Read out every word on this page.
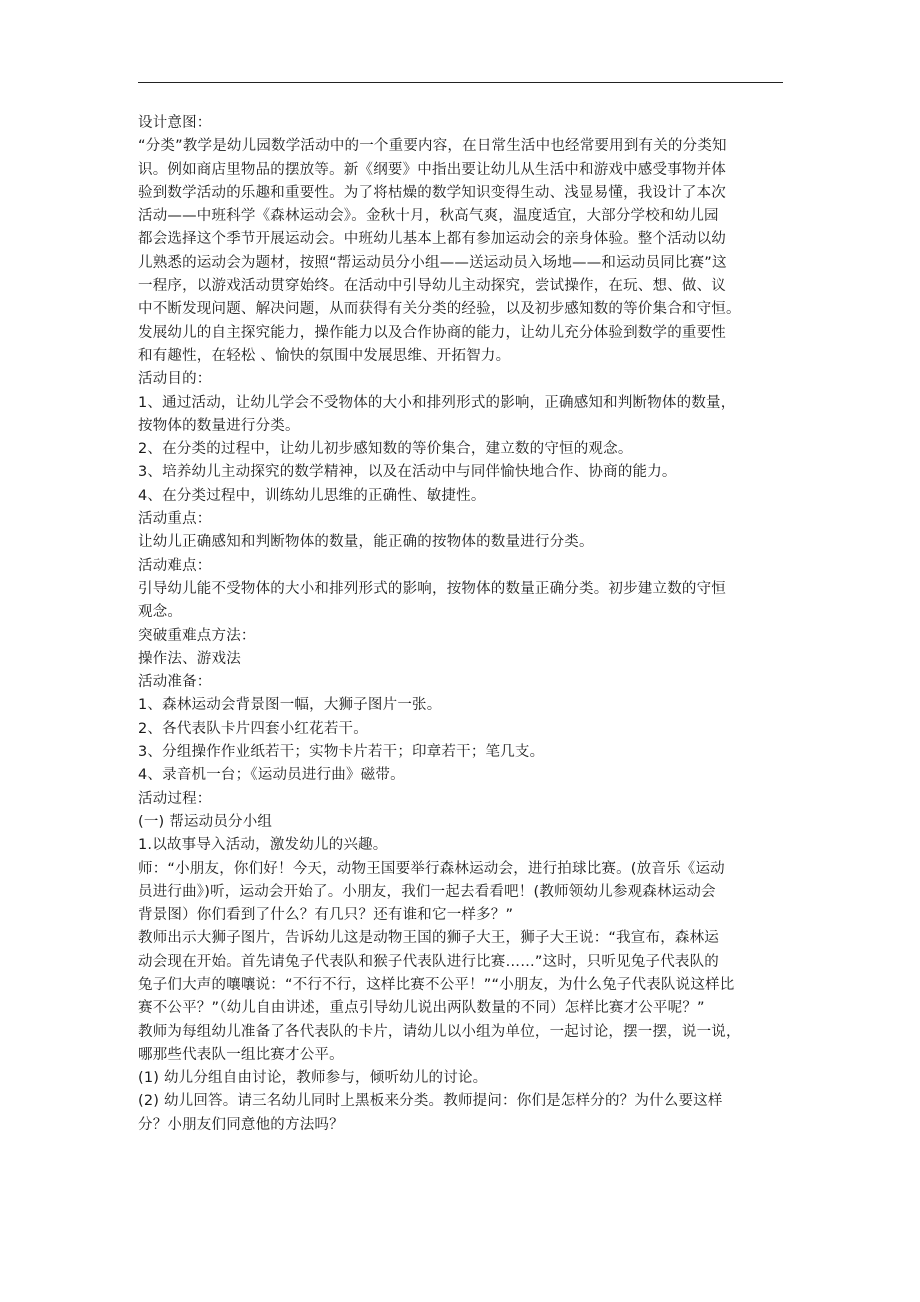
设计意图：
“分类”教学是幼儿园数学活动中的一个重要内容，在日常生活中也经常要用到有关的分类知
识。例如商店里物品的摆放等。新《纲要》中指出要让幼儿从生活中和游戏中感受事物并体
验到数学活动的乐趣和重要性。为了将枯燥的数学知识变得生动、浅显易懂，我设计了本次
活动——中班科学《森林运动会》。金秋十月，秋高气爽，温度适宜，大部分学校和幼儿园
都会选择这个季节开展运动会。中班幼儿基本上都有参加运动会的亲身体验。整个活动以幼
儿熟悉的运动会为题材，按照“帮运动员分小组——送运动员入场地——和运动员同比赛”这
一程序，以游戏活动贯穿始终。在活动中引导幼儿主动探究，尝试操作，在玩、想、做、议
中不断发现问题、解决问题，从而获得有关分类的经验，以及初步感知数的等价集合和守恒。
发展幼儿的自主探究能力，操作能力以及合作协商的能力，让幼儿充分体验到数学的重要性
和有趣性，在轻松 、愉快的氛围中发展思维、开拓智力。
活动目的：
1、通过活动，让幼儿学会不受物体的大小和排列形式的影响，正确感知和判断物体的数量，
按物体的数量进行分类。
2、在分类的过程中，让幼儿初步感知数的等价集合，建立数的守恒的观念。
3、培养幼儿主动探究的数学精神，以及在活动中与同伴愉快地合作、协商的能力。
4、在分类过程中，训练幼儿思维的正确性、敏捷性。
活动重点：
让幼儿正确感知和判断物体的数量，能正确的按物体的数量进行分类。
活动难点：
引导幼儿能不受物体的大小和排列形式的影响，按物体的数量正确分类。初步建立数的守恒
观念。
突破重难点方法：
操作法、游戏法
活动准备：
1、森林运动会背景图一幅，大狮子图片一张。
2、各代表队卡片四套小红花若干。
3、分组操作作业纸若干；实物卡片若干；印章若干；笔几支。
4、录音机一台；《运动员进行曲》磁带。
活动过程：
(一) 帮运动员分小组
1.以故事导入活动，激发幼儿的兴趣。
师：“小朋友，你们好！今天，动物王国要举行森林运动会，进行拍球比赛。(放音乐《运动
员进行曲》)听，运动会开始了。小朋友，我们一起去看看吧！(教师领幼儿参观森林运动会
背景图）你们看到了什么？有几只？还有谁和它一样多？”
教师出示大狮子图片，告诉幼儿这是动物王国的狮子大王，狮子大王说：“我宣布，森林运
动会现在开始。首先请兔子代表队和猴子代表队进行比赛……”这时，只听见兔子代表队的
兔子们大声的嚷嚷说：“不行不行，这样比赛不公平！”“小朋友，为什么兔子代表队说这样比
赛不公平？”（幼儿自由讲述，重点引导幼儿说出两队数量的不同）怎样比赛才公平呢？”
教师为每组幼儿准备了各代表队的卡片，请幼儿以小组为单位，一起讨论，摆一摆，说一说，
哪那些代表队一组比赛才公平。
(1) 幼儿分组自由讨论，教师参与，倾听幼儿的讨论。
(2) 幼儿回答。请三名幼儿同时上黑板来分类。教师提问：你们是怎样分的？为什么要这样
分？小朋友们同意他的方法吗？
